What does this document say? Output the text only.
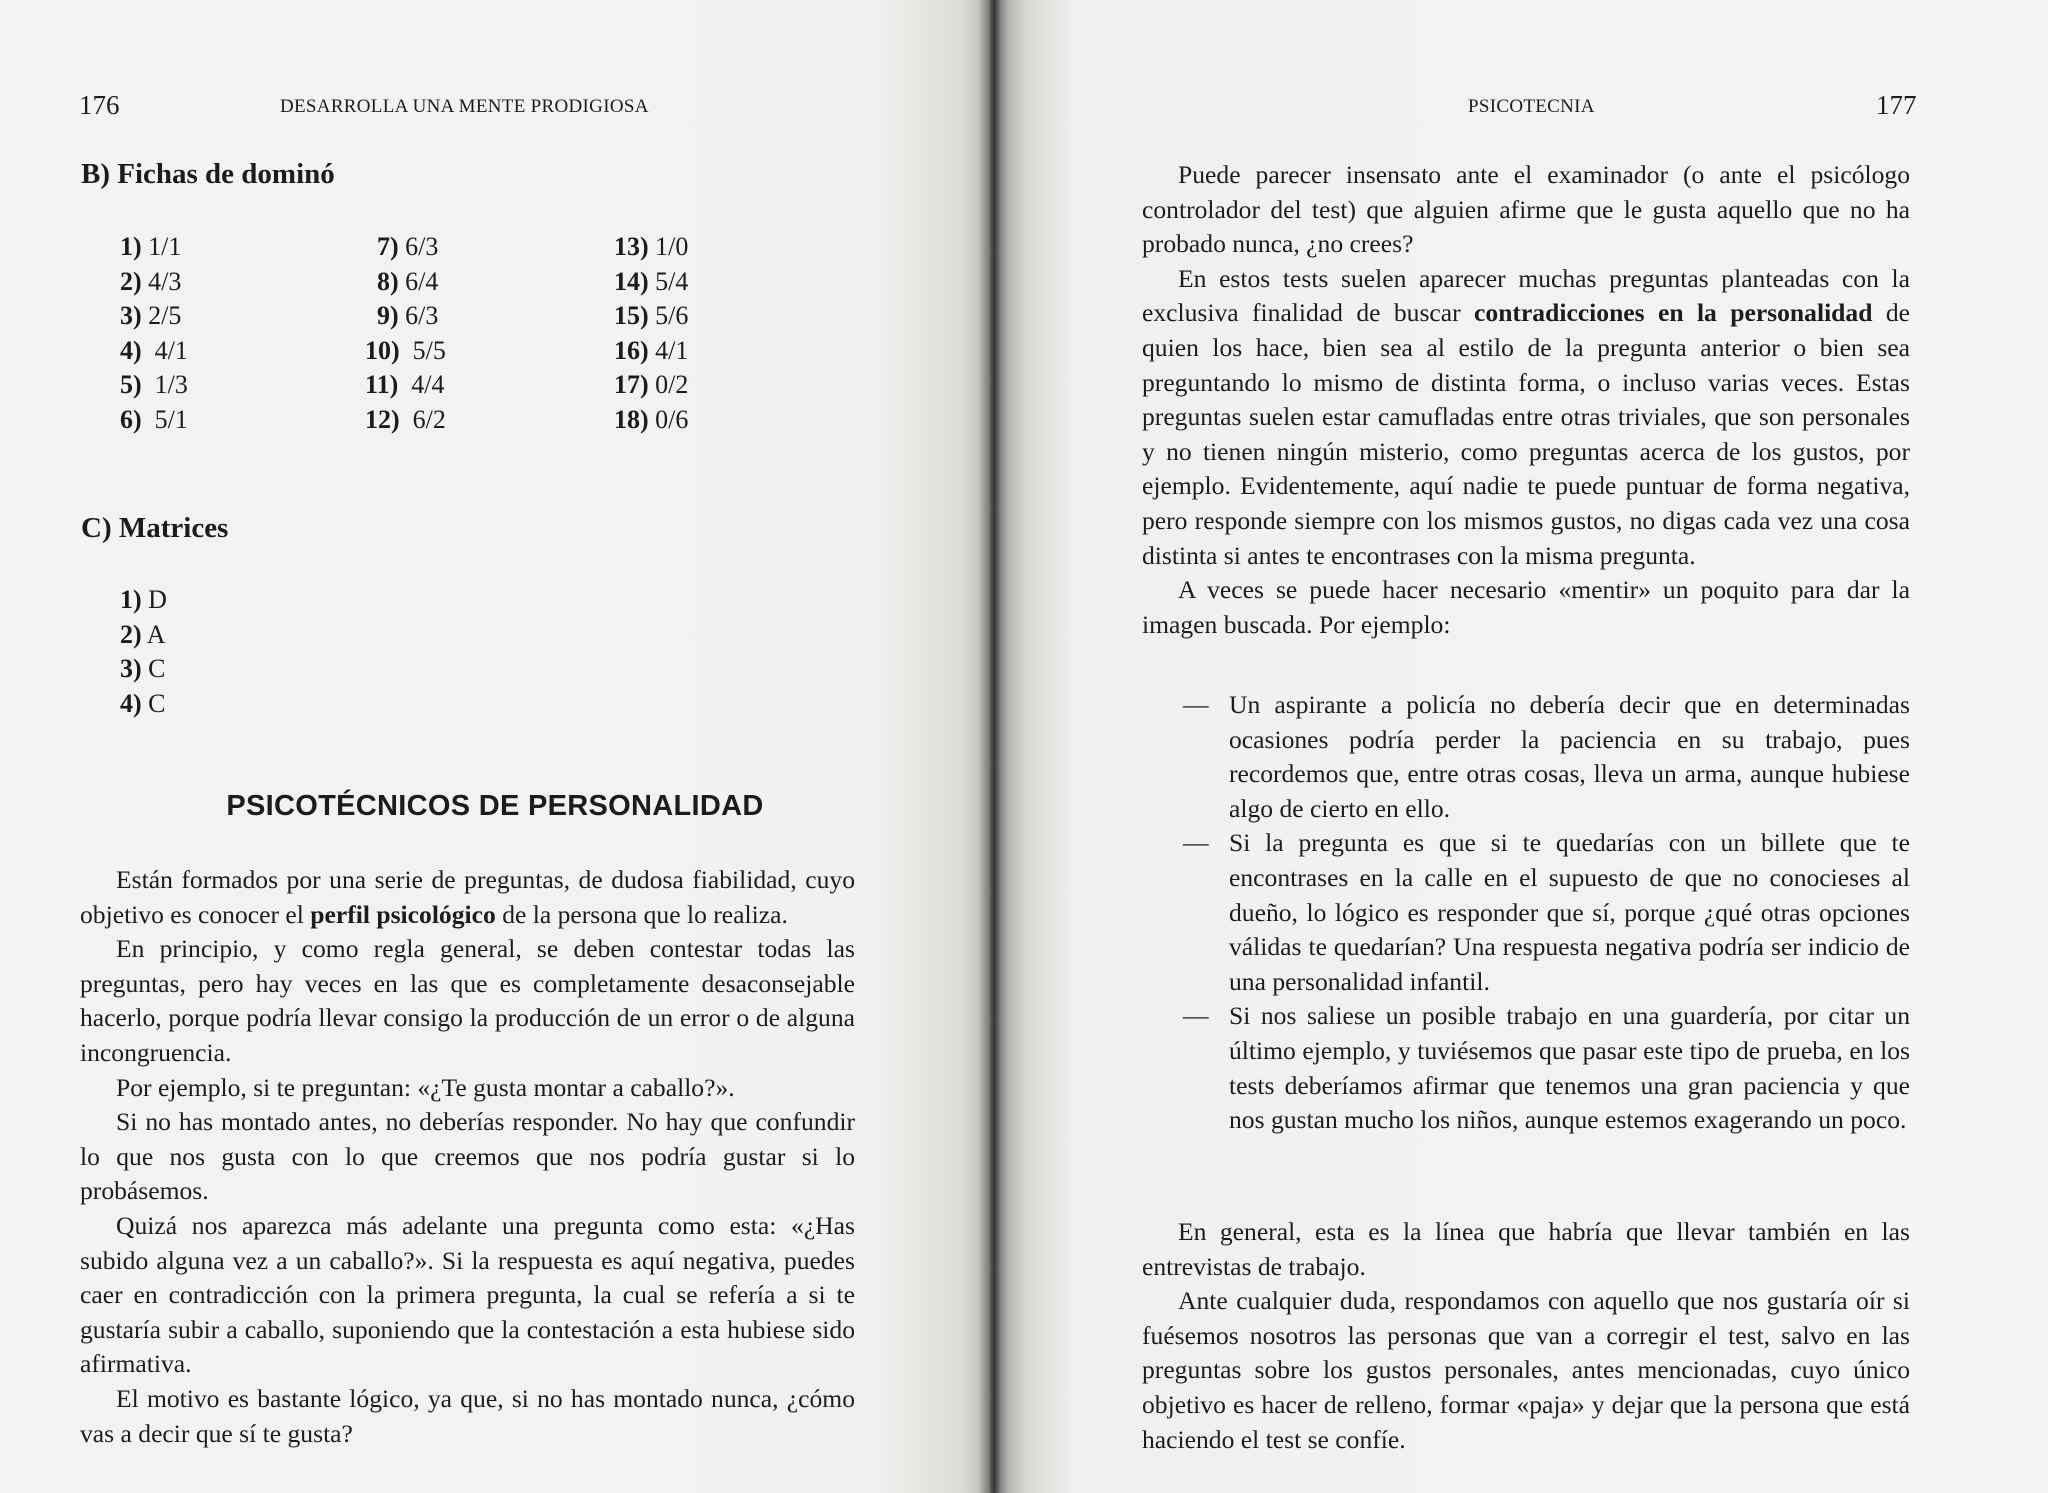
176	DESARROLLA UNA MENTE PRODIGIOSA
B) Fichas de dominó
1) 1/1
2) 4/3
3) 2/5
4) 4/1
5) 1/3
6) 5/1
7) 6/3
8) 6/4
9) 6/3
10) 5/5
11) 4/4
12) 6/2
13) 1/0
14) 5/4
15) 5/6
16) 4/1
17) 0/2
18) 0/6
C) Matrices
1) D
2) A
3) C
4) C
PSICOTÉCNICOS DE PERSONALIDAD

Están formados por una serie de preguntas, de dudosa fiabilidad, cuyo objetivo es conocer el perfil psicológico de la persona que lo realiza.

En principio, y como regla general, se deben contestar todas las preguntas, pero hay veces en las que es completamente desaconsejable hacerlo, porque podría llevar consigo la producción de un error o de alguna incongruencia.

Por ejemplo, si te preguntan: «¿Te gusta montar a caballo?».

Si no has montado antes, no deberías responder. No hay que confundir lo que nos gusta con lo que creemos que nos podría gustar si lo probásemos.

Quizá nos aparezca más adelante una pregunta como esta: «¿Has subido alguna vez a un caballo?». Si la respuesta es aquí negativa, puedes caer en contradicción con la primera pregunta, la cual se refería a si te gustaría subir a caballo, suponiendo que la contestación a esta hubiese sido afirmativa.

El motivo es bastante lógico, ya que, si no has montado nunca, ¿cómo vas a decir que sí te gusta?

PSICOTECNIA	177

Puede parecer insensato ante el examinador (o ante el psicólogo controlador del test) que alguien afirme que le gusta aquello que no ha probado nunca, ¿no crees?

En estos tests suelen aparecer muchas preguntas planteadas con la exclusiva finalidad de buscar contradicciones en la personalidad de quien los hace, bien sea al estilo de la pregunta anterior o bien sea preguntando lo mismo de distinta forma, o incluso varias veces. Estas preguntas suelen estar camufladas entre otras triviales, que son personales y no tienen ningún misterio, como preguntas acerca de los gustos, por ejemplo. Evidentemente, aquí nadie te puede puntuar de forma negativa, pero responde siempre con los mismos gustos, no digas cada vez una cosa distinta si antes te encontrases con la misma pregunta.

A veces se puede hacer necesario «mentir» un poquito para dar la imagen buscada. Por ejemplo:

— Un aspirante a policía no debería decir que en determinadas ocasiones podría perder la paciencia en su trabajo, pues recordemos que, entre otras cosas, lleva un arma, aunque hubiese algo de cierto en ello.
— Si la pregunta es que si te quedarías con un billete que te encontrases en la calle en el supuesto de que no conocieses al dueño, lo lógico es responder que sí, porque ¿qué otras opciones válidas te quedarían? Una respuesta negativa podría ser indicio de una personalidad infantil.
— Si nos saliese un posible trabajo en una guardería, por citar un último ejemplo, y tuviésemos que pasar este tipo de prueba, en los tests deberíamos afirmar que tenemos una gran paciencia y que nos gustan mucho los niños, aunque estemos exagerando un poco.

En general, esta es la línea que habría que llevar también en las entrevistas de trabajo.

Ante cualquier duda, respondamos con aquello que nos gustaría oír si fuésemos nosotros las personas que van a corregir el test, salvo en las preguntas sobre los gustos personales, antes mencionadas, cuyo único objetivo es hacer de relleno, formar «paja» y dejar que la persona que está haciendo el test se confíe.
